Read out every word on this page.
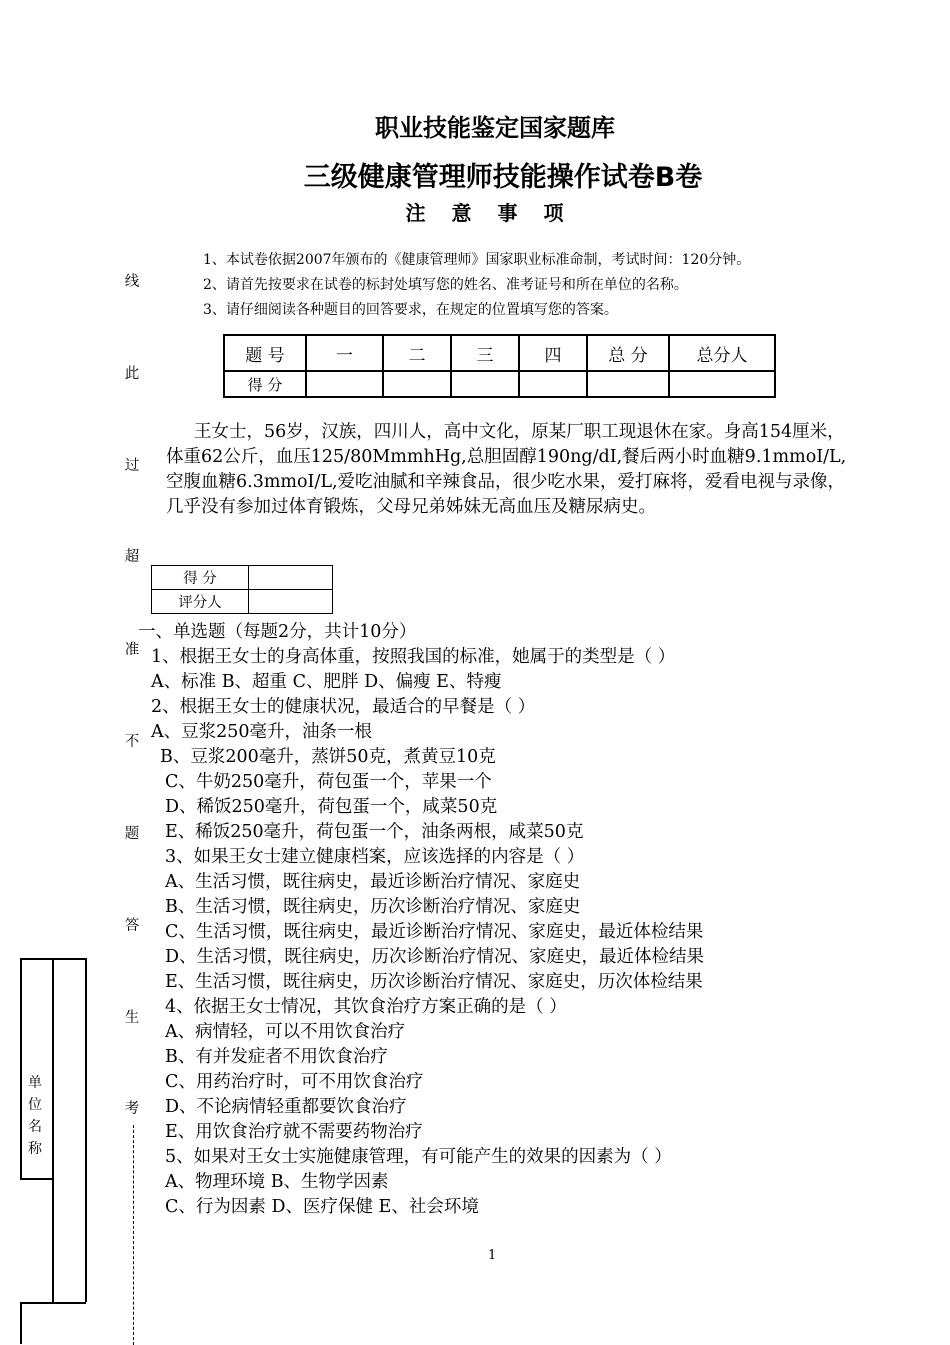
职业技能鉴定国家题库
三级健康管理师技能操作试卷B卷
注意事项
1、本试卷依据2007年颁布的《健康管理师》国家职业标准命制，考试时间：120分钟。
2、请首先按要求在试卷的标封处填写您的姓名、准考证号和所在单位的名称。
3、请仔细阅读各种题目的回答要求，在规定的位置填写您的答案。
题 号	一	二	三	四	总 分	总分人
得 分						
王女士，56岁，汉族，四川人，高中文化，原某厂职工现退休在家。身高154厘米，体重62公斤，血压125/80MmmhHg,总胆固醇190ng/dI,餐后两小时血糖9.1mmoI/L,空腹血糖6.3mmoI/L,爱吃油腻和辛辣食品，很少吃水果，爱打麻将，爱看电视与录像，几乎没有参加过体育锻炼，父母兄弟姊妹无高血压及糖尿病史。
得 分	
评分人	
一、单选题（每题2分，共计10分）
1、根据王女士的身高体重，按照我国的标准，她属于的类型是（ ）
A、标准 B、超重 C、肥胖 D、偏瘦 E、特瘦
2、根据王女士的健康状况，最适合的早餐是（ ）
A、豆浆250毫升，油条一根
B、豆浆200毫升，蒸饼50克，煮黄豆10克
C、牛奶250毫升，荷包蛋一个，苹果一个
D、稀饭250毫升，荷包蛋一个，咸菜50克
E、稀饭250毫升，荷包蛋一个，油条两根，咸菜50克
3、如果王女士建立健康档案，应该选择的内容是（ ）
A、生活习惯，既往病史，最近诊断治疗情况、家庭史
B、生活习惯，既往病史，历次诊断治疗情况、家庭史
C、生活习惯，既往病史，最近诊断治疗情况、家庭史，最近体检结果
D、生活习惯，既往病史，历次诊断治疗情况、家庭史，最近体检结果
E、生活习惯，既往病史，历次诊断治疗情况、家庭史，历次体检结果
4、依据王女士情况，其饮食治疗方案正确的是（ ）
A、病情轻，可以不用饮食治疗
B、有并发症者不用饮食治疗
C、用药治疗时，可不用饮食治疗
D、不论病情轻重都要饮食治疗
E、用饮食治疗就不需要药物治疗
5、如果对王女士实施健康管理，有可能产生的效果的因素为（ ）
A、物理环境 B、生物学因素
C、行为因素 D、医疗保健 E、社会环境
线
此
过
超
准
不
题
答
生
考
单位名称
1
